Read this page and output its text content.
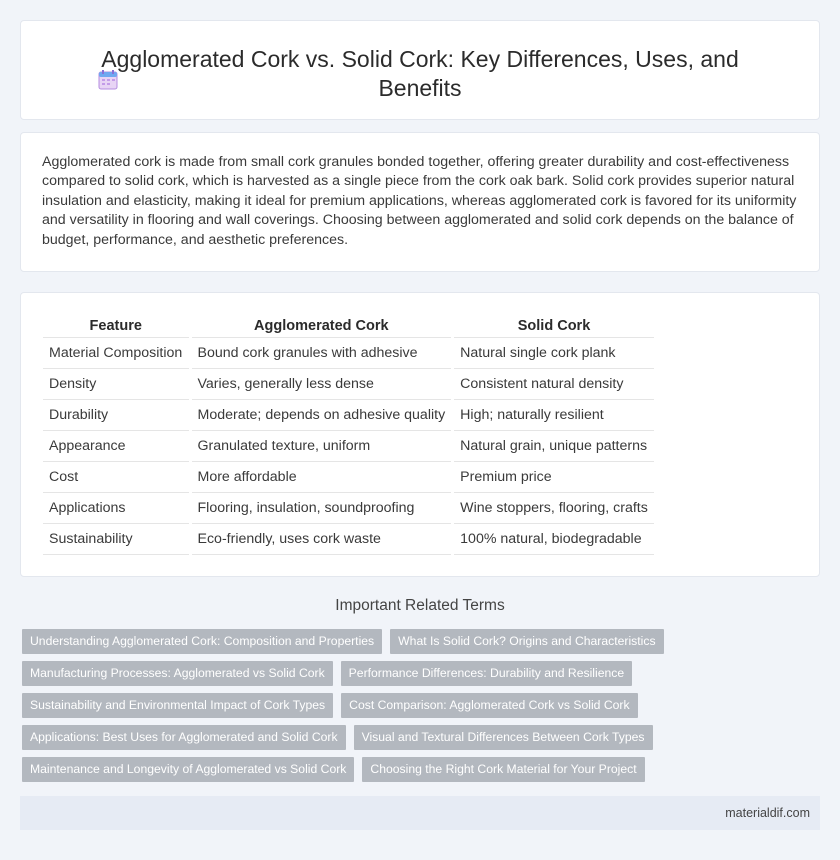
Agglomerated Cork vs. Solid Cork: Key Differences, Uses, and Benefits

Agglomerated cork is made from small cork granules bonded together, offering greater durability and cost-effectiveness compared to solid cork, which is harvested as a single piece from the cork oak bark. Solid cork provides superior natural insulation and elasticity, making it ideal for premium applications, whereas agglomerated cork is favored for its uniformity and versatility in flooring and wall coverings. Choosing between agglomerated and solid cork depends on the balance of budget, performance, and aesthetic preferences.

Feature	Agglomerated Cork	Solid Cork
Material Composition	Bound cork granules with adhesive	Natural single cork plank
Density	Varies, generally less dense	Consistent natural density
Durability	Moderate; depends on adhesive quality	High; naturally resilient
Appearance	Granulated texture, uniform	Natural grain, unique patterns
Cost	More affordable	Premium price
Applications	Flooring, insulation, soundproofing	Wine stoppers, flooring, crafts
Sustainability	Eco-friendly, uses cork waste	100% natural, biodegradable
Important Related Terms
Understanding Agglomerated Cork: Composition and Properties	What Is Solid Cork? Origins and Characteristics
Manufacturing Processes: Agglomerated vs Solid Cork	Performance Differences: Durability and Resilience
Sustainability and Environmental Impact of Cork Types	Cost Comparison: Agglomerated Cork vs Solid Cork
Applications: Best Uses for Agglomerated and Solid Cork	Visual and Textural Differences Between Cork Types
Maintenance and Longevity of Agglomerated vs Solid Cork	Choosing the Right Cork Material for Your Project
materialdif.com
